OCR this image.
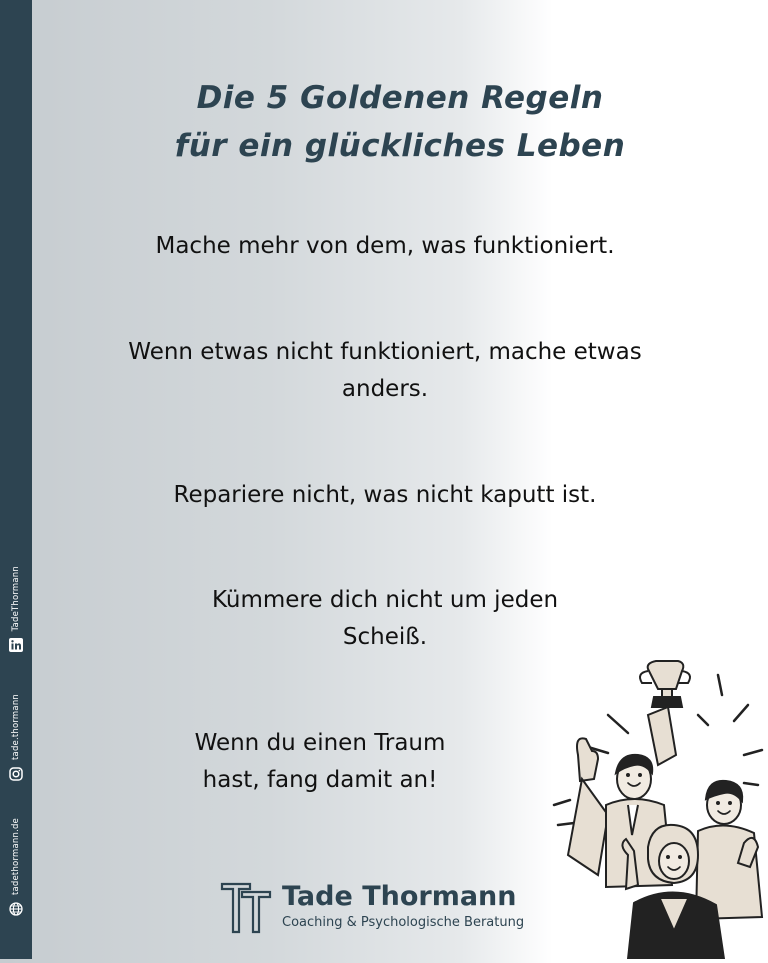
TadeThormann
tade.thormann
tadethormann.de
Die 5 Goldenen Regeln
für ein glückliches Leben
Mache mehr von dem, was funktioniert.
Wenn etwas nicht funktioniert, mache etwas
anders.
Repariere nicht, was nicht kaputt ist.
Kümmere dich nicht um jeden
Scheiß.
Wenn du einen Traum
hast, fang damit an!
Tade Thormann
Coaching & Psychologische Beratung
